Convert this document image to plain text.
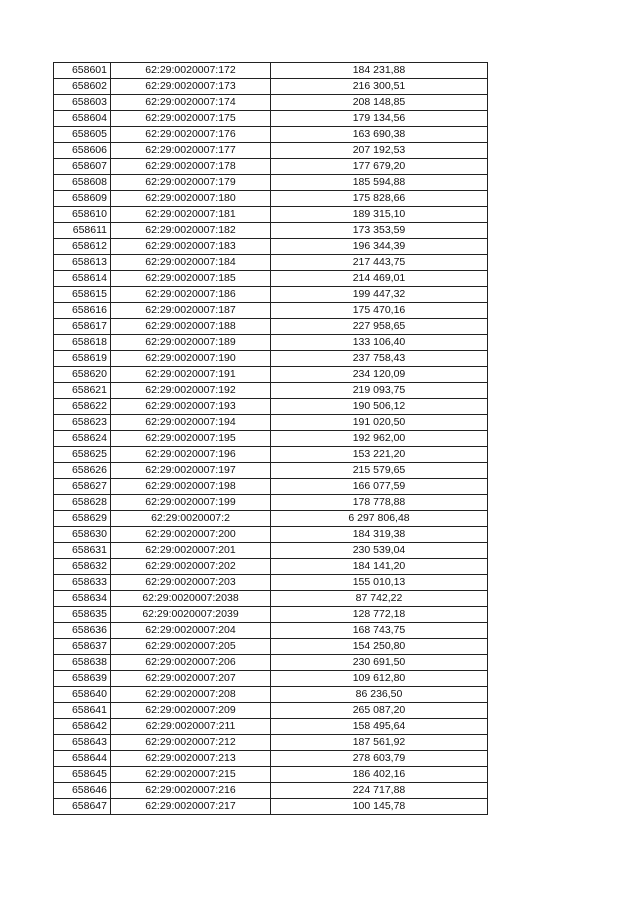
658601	62:29:0020007:172	184 231,88
658602	62:29:0020007:173	216 300,51
658603	62:29:0020007:174	208 148,85
658604	62:29:0020007:175	179 134,56
658605	62:29:0020007:176	163 690,38
658606	62:29:0020007:177	207 192,53
658607	62:29:0020007:178	177 679,20
658608	62:29:0020007:179	185 594,88
658609	62:29:0020007:180	175 828,66
658610	62:29:0020007:181	189 315,10
658611	62:29:0020007:182	173 353,59
658612	62:29:0020007:183	196 344,39
658613	62:29:0020007:184	217 443,75
658614	62:29:0020007:185	214 469,01
658615	62:29:0020007:186	199 447,32
658616	62:29:0020007:187	175 470,16
658617	62:29:0020007:188	227 958,65
658618	62:29:0020007:189	133 106,40
658619	62:29:0020007:190	237 758,43
658620	62:29:0020007:191	234 120,09
658621	62:29:0020007:192	219 093,75
658622	62:29:0020007:193	190 506,12
658623	62:29:0020007:194	191 020,50
658624	62:29:0020007:195	192 962,00
658625	62:29:0020007:196	153 221,20
658626	62:29:0020007:197	215 579,65
658627	62:29:0020007:198	166 077,59
658628	62:29:0020007:199	178 778,88
658629	62:29:0020007:2	6 297 806,48
658630	62:29:0020007:200	184 319,38
658631	62:29:0020007:201	230 539,04
658632	62:29:0020007:202	184 141,20
658633	62:29:0020007:203	155 010,13
658634	62:29:0020007:2038	87 742,22
658635	62:29:0020007:2039	128 772,18
658636	62:29:0020007:204	168 743,75
658637	62:29:0020007:205	154 250,80
658638	62:29:0020007:206	230 691,50
658639	62:29:0020007:207	109 612,80
658640	62:29:0020007:208	86 236,50
658641	62:29:0020007:209	265 087,20
658642	62:29:0020007:211	158 495,64
658643	62:29:0020007:212	187 561,92
658644	62:29:0020007:213	278 603,79
658645	62:29:0020007:215	186 402,16
658646	62:29:0020007:216	224 717,88
658647	62:29:0020007:217	100 145,78
